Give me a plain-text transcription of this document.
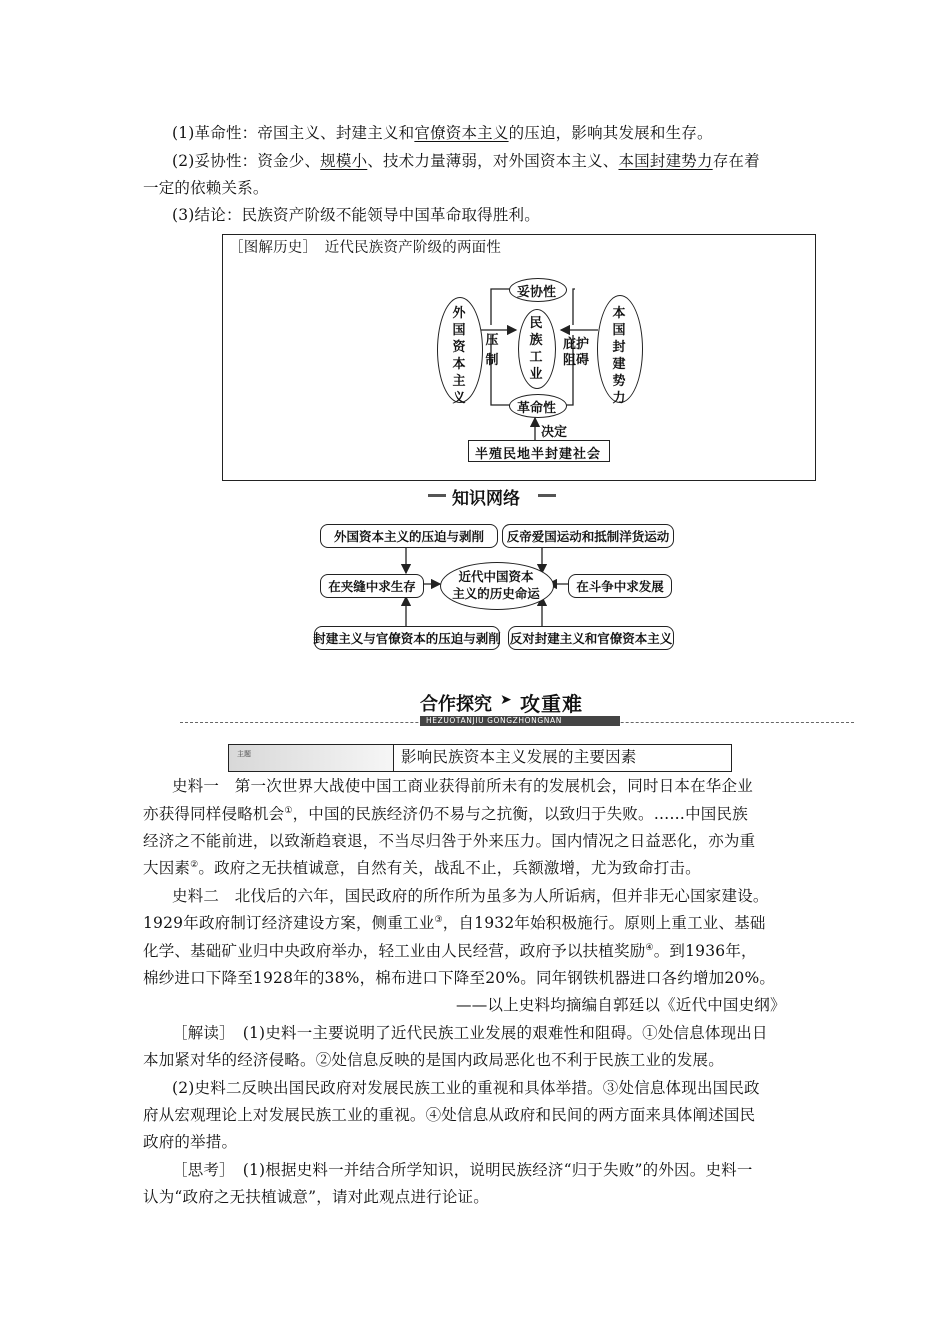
(1)革命性：帝国主义、封建主义和官僚资本主义的压迫，影响其发展和生存。
(2)妥协性：资金少、规模小、技术力量薄弱，对外国资本主义、本国封建势力存在着
一定的依赖关系。
(3)结论：民族资产阶级不能领导中国革命取得胜利。
［图解历史］　近代民族资产阶级的两面性
外国资本主义
民族工业
本国封建势力
妥协性
革命性
压制
庇护
阻碍
决定
半殖民地半封建社会
知识网络
外国资本主义的压迫与剥削
在夹缝中求生存
封建主义与官僚资本的压迫与剥削
近代中国资本
主义的历史命运
反帝爱国运动和抵制洋货运动
在斗争中求发展
反对封建主义和官僚资本主义
合作探究 ➤ 攻重难
HEZUOTANJIU GONGZHONGNAN
主题	影响民族资本主义发展的主要因素
史料一　第一次世界大战使中国工商业获得前所未有的发展机会，同时日本在华企业
亦获得同样侵略机会①，中国的民族经济仍不易与之抗衡，以致归于失败。……中国民族
经济之不能前进，以致渐趋衰退，不当尽归咎于外来压力。国内情况之日益恶化，亦为重
大因素②。政府之无扶植诚意，自然有关，战乱不止，兵额激增，尤为致命打击。
史料二　北伐后的六年，国民政府的所作所为虽多为人所诟病，但并非无心国家建设。
1929年政府制订经济建设方案，侧重工业③，自1932年始积极施行。原则上重工业、基础
化学、基础矿业归中央政府举办，轻工业由人民经营，政府予以扶植奖励④。到1936年，
棉纱进口下降至1928年的38%，棉布进口下降至20%。同年钢铁机器进口各约增加20%。
——以上史料均摘编自郭廷以《近代中国史纲》
［解读］　(1)史料一主要说明了近代民族工业发展的艰难性和阻碍。①处信息体现出日
本加紧对华的经济侵略。②处信息反映的是国内政局恶化也不利于民族工业的发展。
(2)史料二反映出国民政府对发展民族工业的重视和具体举措。③处信息体现出国民政
府从宏观理论上对发展民族工业的重视。④处信息从政府和民间的两方面来具体阐述国民
政府的举措。
［思考］　(1)根据史料一并结合所学知识，说明民族经济“归于失败”的外因。史料一
认为“政府之无扶植诚意”，请对此观点进行论证。
